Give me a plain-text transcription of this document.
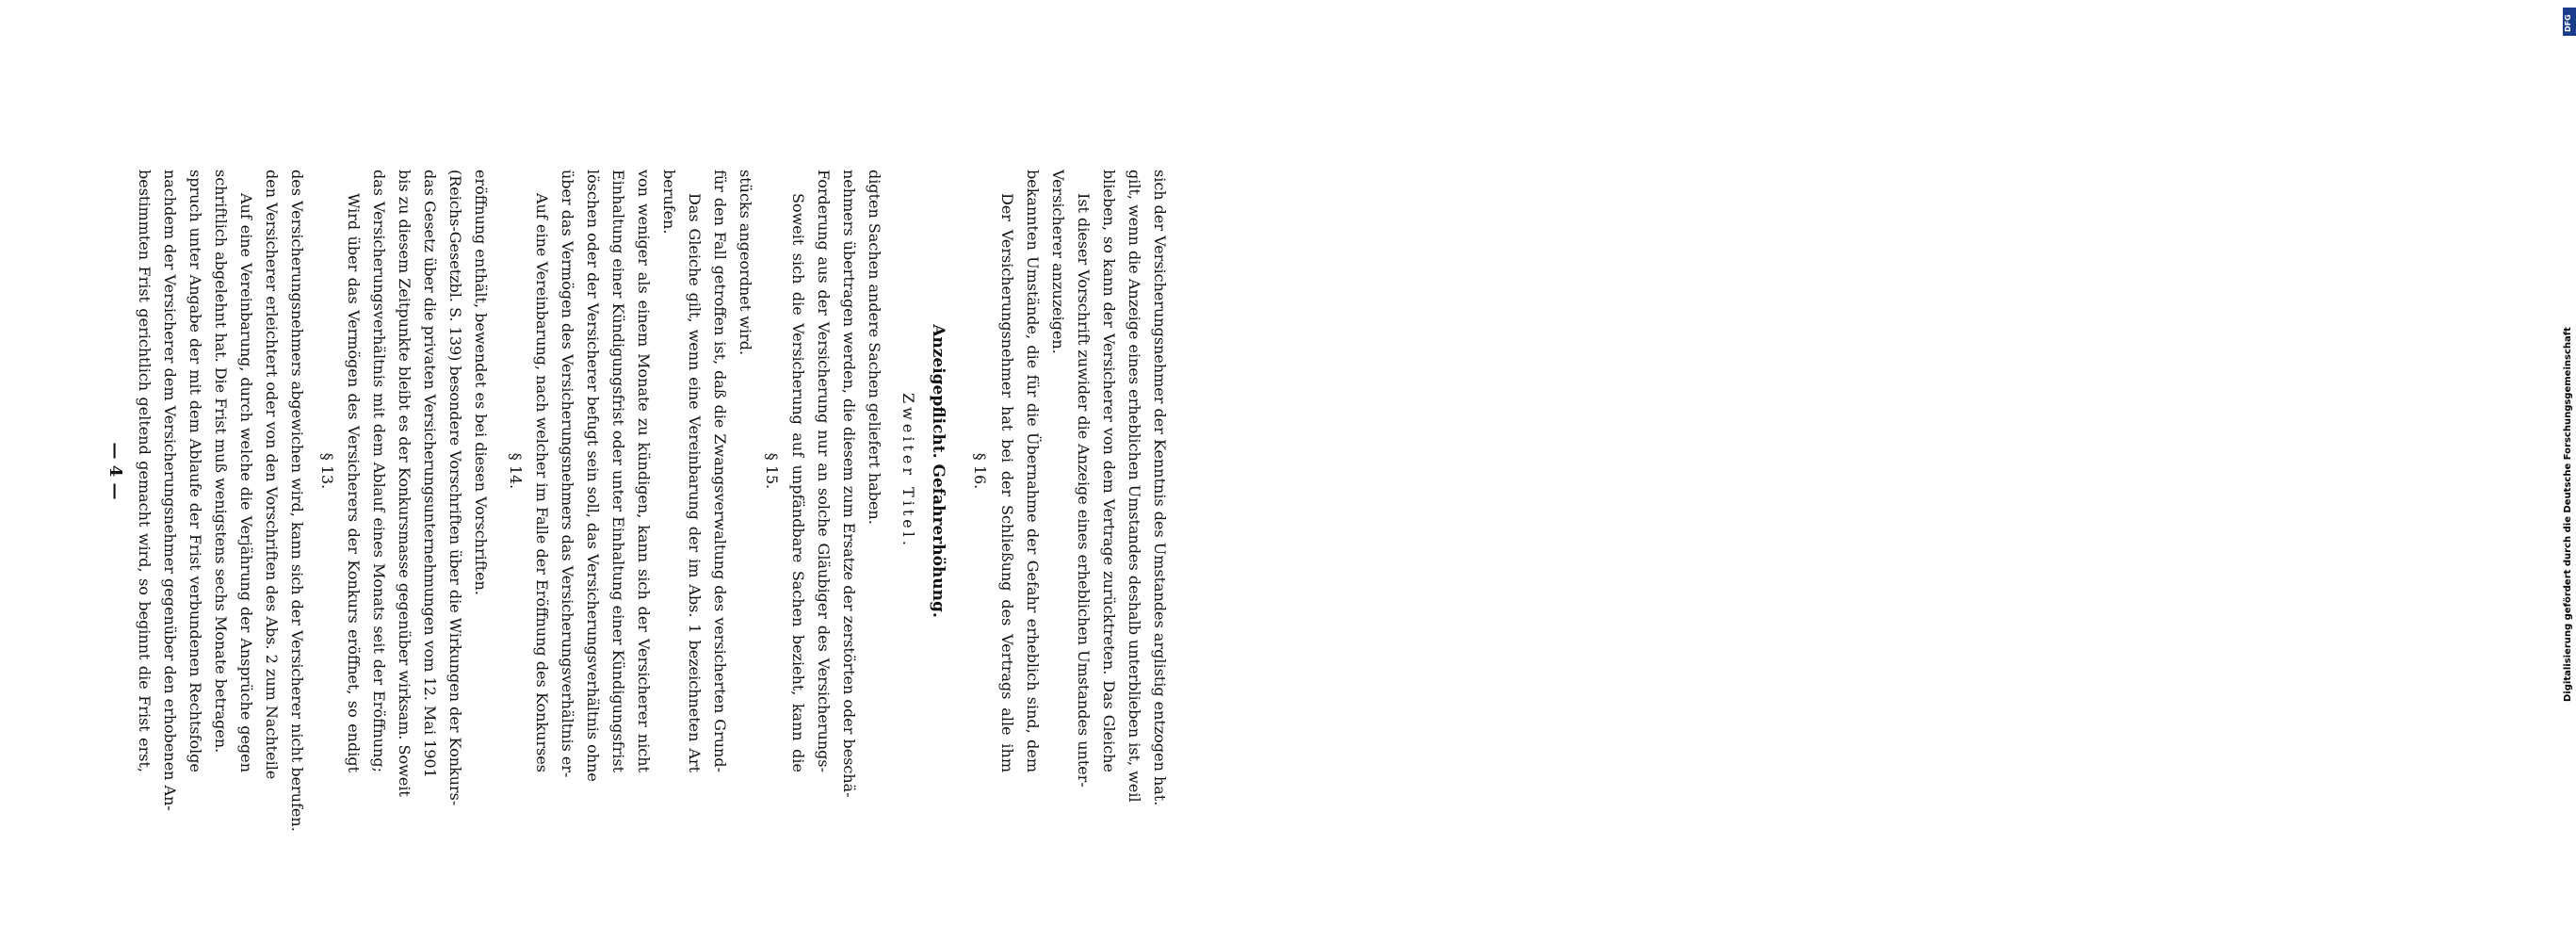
bestimmten Frist gerichtlich geltend gemacht wird, so beginnt die Frist erst, nachdem der Versicherer dem Versicherungsnehmer gegenüber den erhobenen An- spruch unter Angabe der mit dem Ablaufe der Frist verbundenen Rechtsfolge schriftlich abgelehnt hat. Die Frist muß wenigstens sechs Monate betragen. Auf eine Vereinbarung, durch welche die Verjährung der Ansprüche gegen den Versicherer erleichtert oder von den Vorschriften des Abs. 2 zum Nachteile des Versicherungsnehmers abgewichen wird, kann sich der Versicherer nicht berufen. § 13. Wird über das Vermögen des Versicherers der Konkurs eröffnet, so endigt das Versicherungsverhältnis mit dem Ablauf eines Monats seit der Eröffnung; bis zu diesem Zeitpunkte bleibt es der Konkursmasse gegenüber wirksam. Soweit das Gesetz über die privaten Versicherungsunternehmungen vom 12. Mai 1901 (Reichs-Gesetzbl. S. 139) besondere Vorschriften über die Wirkungen der Konkurs- eröffnung enthält, bewendet es bei diesen Vorschriften. § 14. Auf eine Vereinbarung, nach welcher im Falle der Eröffnung des Konkurses über das Vermögen des Versicherungsnehmers das Versicherungsverhältnis er- löschen oder der Versicherer befugt sein soll, das Versicherungsverhältnis ohne Einhaltung einer Kündigungsfrist oder unter Einhaltung einer Kündigungsfrist von weniger als einem Monate zu kündigen, kann sich der Versicherer nicht berufen. Das Gleiche gilt, wenn eine Vereinbarung der im Abs. 1 bezeichneten Art für den Fall getroffen ist, daß die Zwangsverwaltung des versicherten Grund- stücks angeordnet wird.
§ 15. Soweit sich die Versicherung auf unpfändbare Sachen bezieht, kann die Forderung aus der Versicherung nur an solche Gläubiger des Versicherungs- nehmers übertragen werden, die diesem zum Ersatze der zerstörten oder beschä- digten Sachen andere Sachen geliefert haben. Zweiter Titel. Anzeigepflicht. Gefahrerhöhung. § 16. Der Versicherungsnehmer hat bei der Schließung des Vertrags alle ihm bekannten Umstände, die für die Übernahme der Gefahr erheblich sind, dem Versicherer anzuzeigen. Ist dieser Vorschrift zuwider die Anzeige eines erheblichen Umstandes unter- blieben, so kann der Versicherer von dem Vertrage zurücktreten. Das Gleiche gilt, wenn die Anzeige eines erheblichen Umstandes deshalb unterblieben ist, weil sich der Versicherungsnehmer der Kenntnis des Umstandes arglistig entzogen hat.
— 4 —	Digitalisierung gefördert durch die Deutsche Forschungsgemeinschaft
DFG
